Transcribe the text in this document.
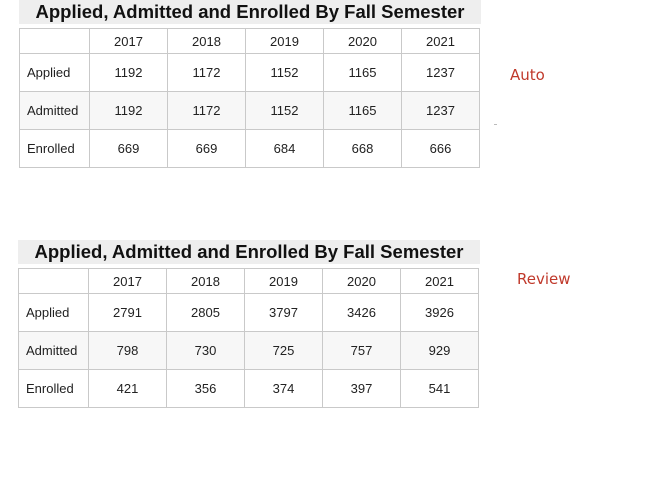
Applied, Admitted and Enrolled By Fall Semester
	2017	2018	2019	2020	2021
Applied	1192	1172	1152	1165	1237
Admitted	1192	1172	1152	1165	1237
Enrolled	669	669	684	668	666
Auto
Applied, Admitted and Enrolled By Fall Semester
	2017	2018	2019	2020	2021
Applied	2791	2805	3797	3426	3926
Admitted	798	730	725	757	929
Enrolled	421	356	374	397	541
Review
